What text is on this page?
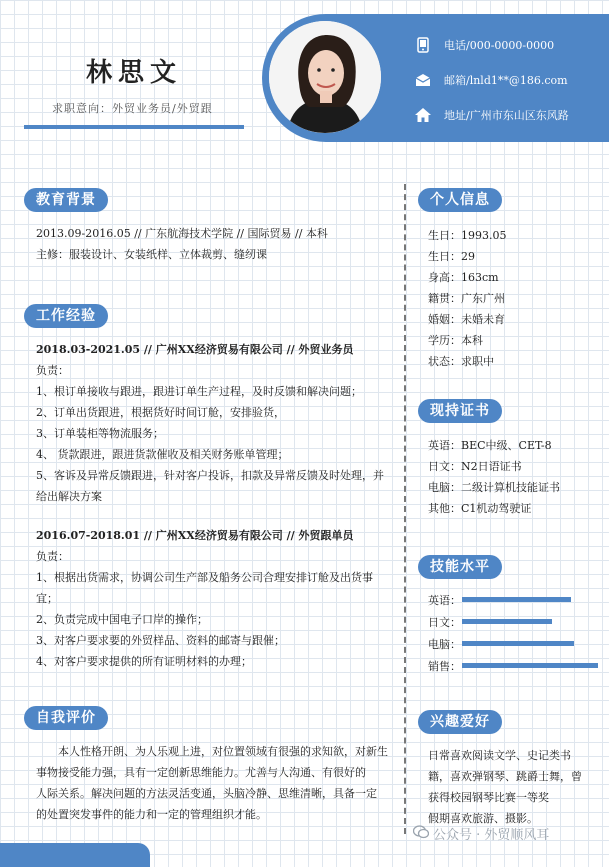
林思文
求职意向：外贸业务员/外贸跟
电话/000-0000-0000
邮箱/lnld1**@186.com
地址/广州市东山区东风路
教育背景
2013.09-2016.05 // 广东航海技术学院 // 国际贸易 // 本科
主修：服装设计、女装纸样、立体裁剪、缝纫课
工作经验
2018.03-2021.05 // 广州XX经济贸易有限公司 // 外贸业务员
负责：
1、根订单接收与跟进，跟进订单生产过程，及时反馈和解决问题；
2、订单出货跟进，根据货好时间订舱，安排验货，
3、订单装柜等物流服务；
4、 货款跟进，跟进货款催收及相关财务账单管理；
5、客诉及异常反馈跟进，针对客户投诉，扣款及异常反馈及时处理，并
给出解决方案
2016.07-2018.01 // 广州XX经济贸易有限公司 // 外贸跟单员
负责：
1、根据出货需求，协调公司生产部及船务公司合理安排订舱及出货事
宜；
2、负责完成中国电子口岸的操作；
3、对客户要求要的外贸样品、资料的邮寄与跟催；
4、对客户要求提供的所有证明材料的办理；
自我评价
本人性格开朗、为人乐观上进，对位置领域有很强的求知欲，对新生
事物接受能力强，具有一定创新思维能力。尤善与人沟通、有很好的
人际关系。解决问题的方法灵活变通，头脑冷静、思维清晰，具备一定
的处置突发事件的能力和一定的管理组织才能。
个人信息
生日：1993.05
生日：29
身高：163cm
籍贯：广东广州
婚姻：未婚未育
学历：本科
状态：求职中
现持证书
英语：BEC中级、CET-8
日文：N2日语证书
电脑：二级计算机技能证书
其他：C1机动驾驶证
技能水平
英语：
日文：
电脑：
销售：
兴趣爱好
日常喜欢阅读文学、史记类书
籍，喜欢弹钢琴、跳爵士舞，曾
获得校园钢琴比赛一等奖
假期喜欢旅游、摄影。
公众号 · 外贸顺风耳
